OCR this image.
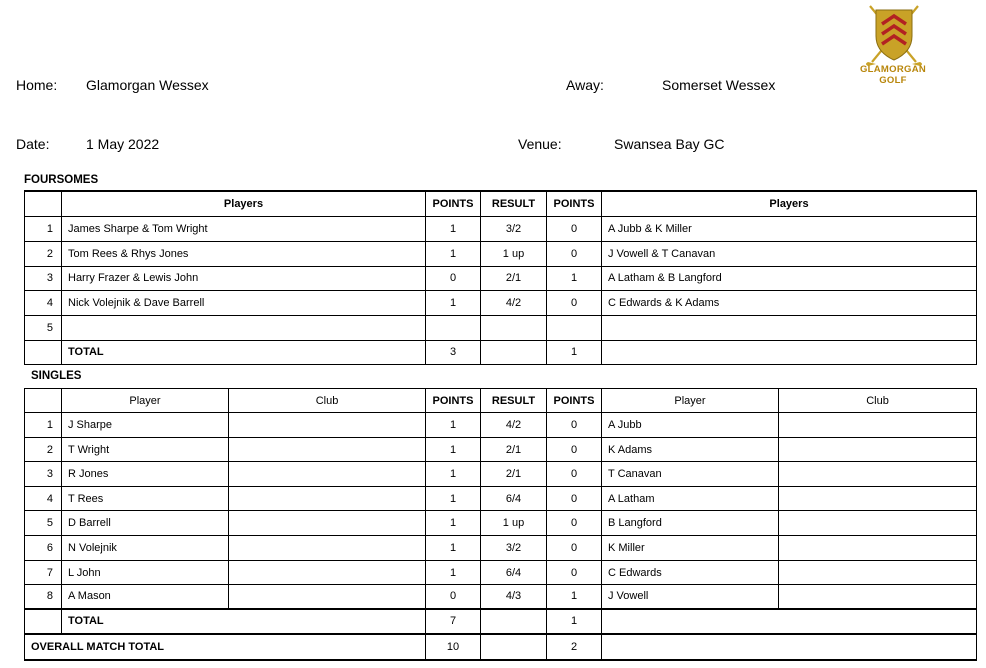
GLAMORGAN GOLF
Home: Glamorgan Wessex	Away:	Somerset Wessex
Date:	1 May 2022	Venue:	Swansea Bay GC
FOURSOMES
	Players	POINTS	RESULT	POINTS	Players
1	James Sharpe & Tom Wright	1	3/2	0	A Jubb & K Miller
2	Tom Rees & Rhys Jones	1	1 up	0	J Vowell & T Canavan
3	Harry Frazer & Lewis John	0	2/1	1	A Latham & B Langford
4	Nick Volejnik & Dave Barrell	1	4/2	0	C Edwards & K Adams
5					
	TOTAL	3		1	
SINGLES
	Player	Club	POINTS	RESULT	POINTS	Player	Club
1	J Sharpe		1	4/2	0	A Jubb	
2	T Wright		1	2/1	0	K Adams	
3	R Jones		1	2/1	0	T Canavan	
4	T Rees		1	6/4	0	A Latham	
5	D Barrell		1	1 up	0	B Langford	
6	N Volejnik		1	3/2	0	K Miller	
7	L John		1	6/4	0	C Edwards	
8	A Mason		0	4/3	1	J Vowell	
	TOTAL		7		1		
OVERALL MATCH TOTAL			10		2		
